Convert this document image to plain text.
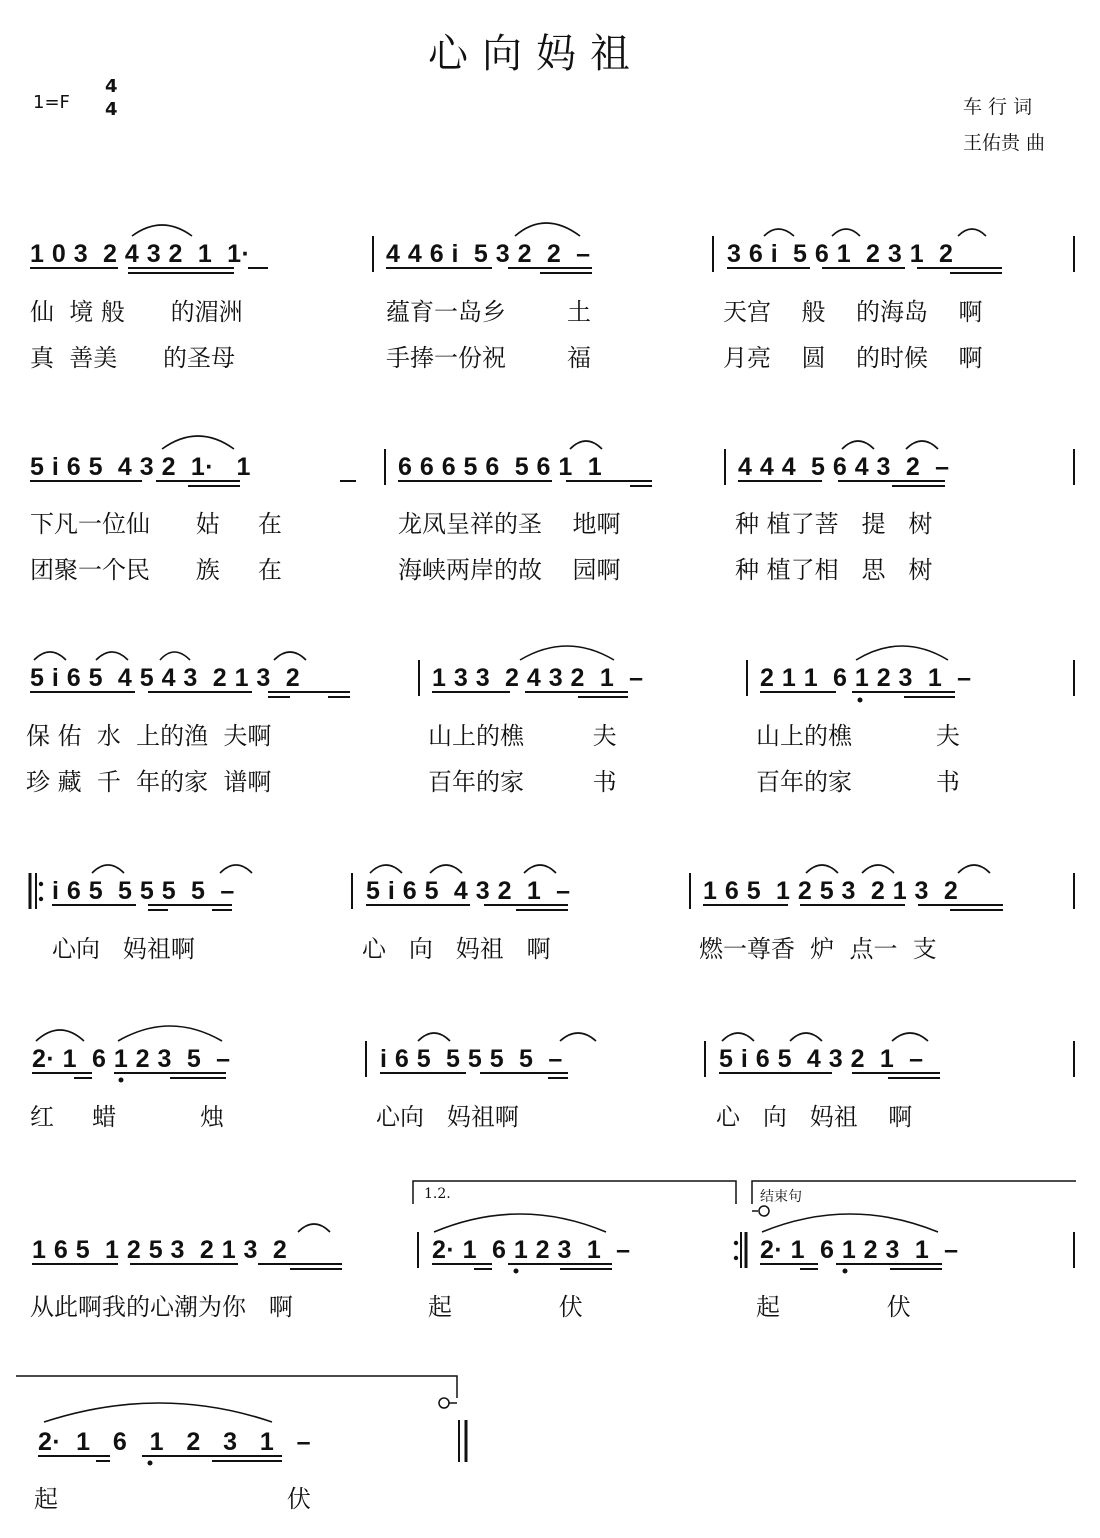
心向妈祖
1=F
4
4	车 行 词
王佑贵 曲
1 0 3  2 4 3 2  1  1·	4 4 6 i  5 3 2  2  –	3 6 i  5 6 1  2 3 1  2
仙  境 般      的湄洲	蕴育一岛乡        土	天宫    般    的海岛    啊
真  善美      的圣母	手捧一份祝        福	月亮    圆    的时候    啊
5 i 6 5  4 3 2  1·   1	6 6 6 5 6  5 6 1  1	4 4 4  5 6 4 3  2  –
下凡一位仙      姑     在	龙凤呈祥的圣    地啊	种 植了菩   提   树
团聚一个民      族     在	海峡两岸的故    园啊	种 植了相   思   树
5 i 6 5  4 5 4 3  2 1 3  2	1 3 3  2 4 3 2  1  –	2 1 1  6 1 2 3  1  –
保 佑  水  上的渔  夫啊	山上的樵         夫	山上的樵           夫
珍 藏  千  年的家  谱啊	百年的家         书	百年的家           书
i 6 5  5 5 5  5  –	5 i 6 5  4 3 2  1  –	1 6 5  1 2 5 3  2 1 3  2
心向   妈祖啊	心   向   妈祖   啊	燃一尊香  炉  点一  支
2· 1  6 1 2 3  5  –	i 6 5  5 5 5  5  –	5 i 6 5  4 3 2  1  –
红     蜡           烛	心向   妈祖啊	心   向   妈祖    啊
1.2.	结束句
1 6 5  1 2 5 3  2 1 3  2	2· 1  6 1 2 3  1  –	2· 1  6 1 2 3  1  –
从此啊我的心潮为你   啊	起              伏	起              伏
2·  1   6   1   2   3   1   –
起                              伏
